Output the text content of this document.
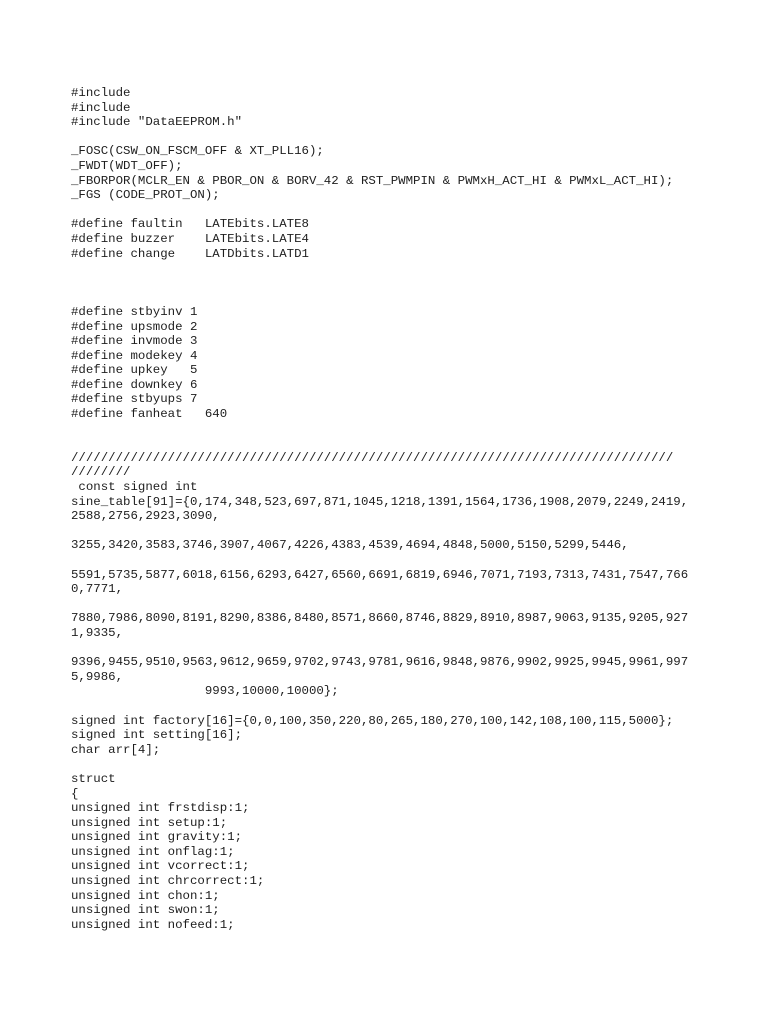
#include
#include
#include "DataEEPROM.h"
_FOSC(CSW_ON_FSCM_OFF & XT_PLL16);
_FWDT(WDT_OFF);
_FBORPOR(MCLR_EN & PBOR_ON & BORV_42 & RST_PWMPIN & PWMxH_ACT_HI & PWMxL_ACT_HI);
_FGS (CODE_PROT_ON);
#define faultin   LATEbits.LATE8
#define buzzer    LATEbits.LATE4
#define change    LATDbits.LATD1
#define stbyinv 1
#define upsmode 2
#define invmode 3
#define modekey 4
#define upkey   5
#define downkey 6
#define stbyups 7
#define fanheat   640
/////////////////////////////////////////////////////////////////////////////////
////////
const signed int
sine_table[91]={0,174,348,523,697,871,1045,1218,1391,1564,1736,1908,2079,2249,2419,
2588,2756,2923,3090,
3255,3420,3583,3746,3907,4067,4226,4383,4539,4694,4848,5000,5150,5299,5446,
5591,5735,5877,6018,6156,6293,6427,6560,6691,6819,6946,7071,7193,7313,7431,7547,766
0,7771,
7880,7986,8090,8191,8290,8386,8480,8571,8660,8746,8829,8910,8987,9063,9135,9205,927
1,9335,
9396,9455,9510,9563,9612,9659,9702,9743,9781,9616,9848,9876,9902,9925,9945,9961,997
5,9986,
9993,10000,10000};
signed int factory[16]={0,0,100,350,220,80,265,180,270,100,142,108,100,115,5000};
signed int setting[16];
char arr[4];
struct
{
unsigned int frstdisp:1;
unsigned int setup:1;
unsigned int gravity:1;
unsigned int onflag:1;
unsigned int vcorrect:1;
unsigned int chrcorrect:1;
unsigned int chon:1;
unsigned int swon:1;
unsigned int nofeed:1;
